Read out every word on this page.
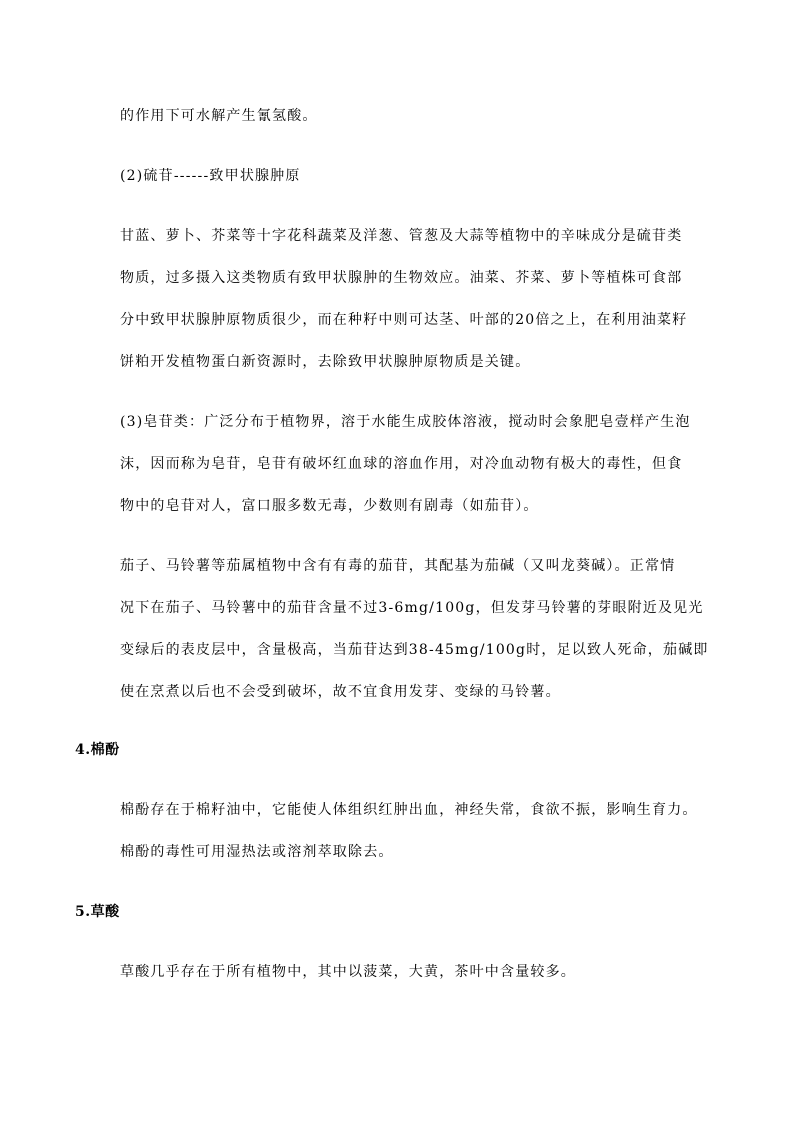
的作用下可水解产生氰氢酸。
(2)硫苷------致甲状腺肿原
甘蓝、萝卜、芥菜等十字花科蔬菜及洋葱、管葱及大蒜等植物中的辛味成分是硫苷类
物质，过多摄入这类物质有致甲状腺肿的生物效应。油菜、芥菜、萝卜等植株可食部
分中致甲状腺肿原物质很少，而在种籽中则可达茎、叶部的20倍之上，在利用油菜籽
饼粕开发植物蛋白新资源时，去除致甲状腺肿原物质是关键。
(3)皂苷类：广泛分布于植物界，溶于水能生成胶体溶液，搅动时会象肥皂壹样产生泡
沫，因而称为皂苷，皂苷有破坏红血球的溶血作用，对冷血动物有极大的毒性，但食
物中的皂苷对人，富口服多数无毒，少数则有剧毒（如茄苷）。
茄子、马铃薯等茄属植物中含有有毒的茄苷，其配基为茄碱（又叫龙葵碱）。正常情
况下在茄子、马铃薯中的茄苷含量不过3-6mg/100g，但发芽马铃薯的芽眼附近及见光
变绿后的表皮层中，含量极高，当茄苷达到38-45mg/100g时，足以致人死命，茄碱即
使在烹煮以后也不会受到破坏，故不宜食用发芽、变绿的马铃薯。
4.棉酚
棉酚存在于棉籽油中，它能使人体组织红肿出血，神经失常，食欲不振，影响生育力。
棉酚的毒性可用湿热法或溶剂萃取除去。
5.草酸
草酸几乎存在于所有植物中，其中以菠菜，大黄，茶叶中含量较多。
